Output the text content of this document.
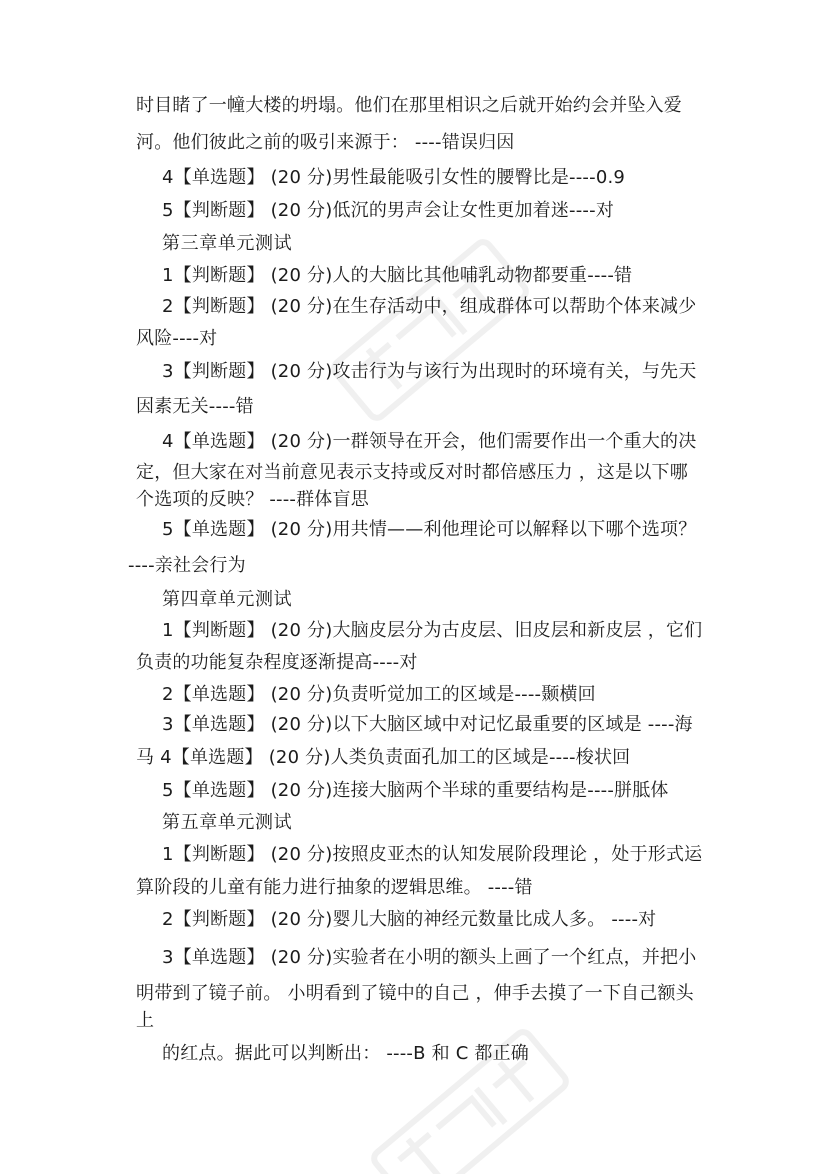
时目睹了一幢大楼的坍塌。他们在那里相识之后就开始约会并坠入爱
河。他们彼此之前的吸引来源于： ----错误归因
4【单选题】 (20 分)男性最能吸引女性的腰臀比是----0.9
5【判断题】 (20 分)低沉的男声会让女性更加着迷----对
第三章单元测试
1【判断题】 (20 分)人的大脑比其他哺乳动物都要重----错
2【判断题】 (20 分)在生存活动中，组成群体可以帮助个体来减少
风险----对
3【判断题】 (20 分)攻击行为与该行为出现时的环境有关，与先天
因素无关----错
4【单选题】 (20 分)一群领导在开会，他们需要作出一个重大的决
定，但大家在对当前意见表示支持或反对时都倍感压力 ，这是以下哪
个选项的反映？ ----群体盲思
5【单选题】 (20 分)用共情——利他理论可以解释以下哪个选项？
----亲社会行为
第四章单元测试
1【判断题】 (20 分)大脑皮层分为古皮层、旧皮层和新皮层 ，它们
负责的功能复杂程度逐渐提高----对
2【单选题】 (20 分)负责听觉加工的区域是----颞横回
3【单选题】 (20 分)以下大脑区域中对记忆最重要的区域是 ----海
马 4【单选题】 (20 分)人类负责面孔加工的区域是----梭状回
5【单选题】 (20 分)连接大脑两个半球的重要结构是----胼胝体
第五章单元测试
1【判断题】 (20 分)按照皮亚杰的认知发展阶段理论 ，处于形式运
算阶段的儿童有能力进行抽象的逻辑思维。 ----错
2【判断题】 (20 分)婴儿大脑的神经元数量比成人多。 ----对
3【单选题】 (20 分)实验者在小明的额头上画了一个红点，并把小
明带到了镜子前。 小明看到了镜中的自己 ，伸手去摸了一下自己额头
上
的红点。据此可以判断出： ----B 和 C 都正确
